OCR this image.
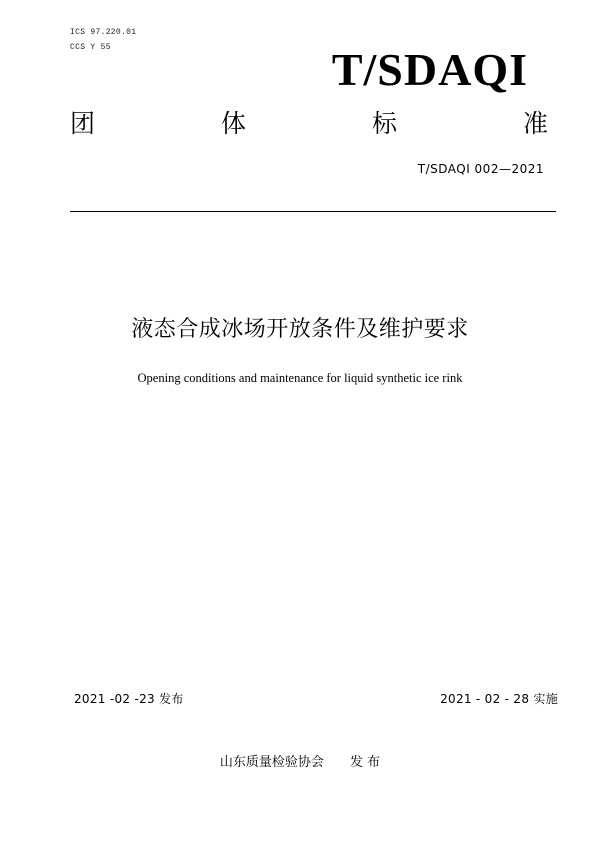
ICS 97.220.01
CCS Y 55	T/SDAQI
团	体	标	准
T/SDAQI 002—2021
液态合成冰场开放条件及维护要求
Opening conditions and maintenance for liquid synthetic ice rink
2021 -02 -23 发布	2021 - 02 - 28 实施
山东质量检验协会 发 布
